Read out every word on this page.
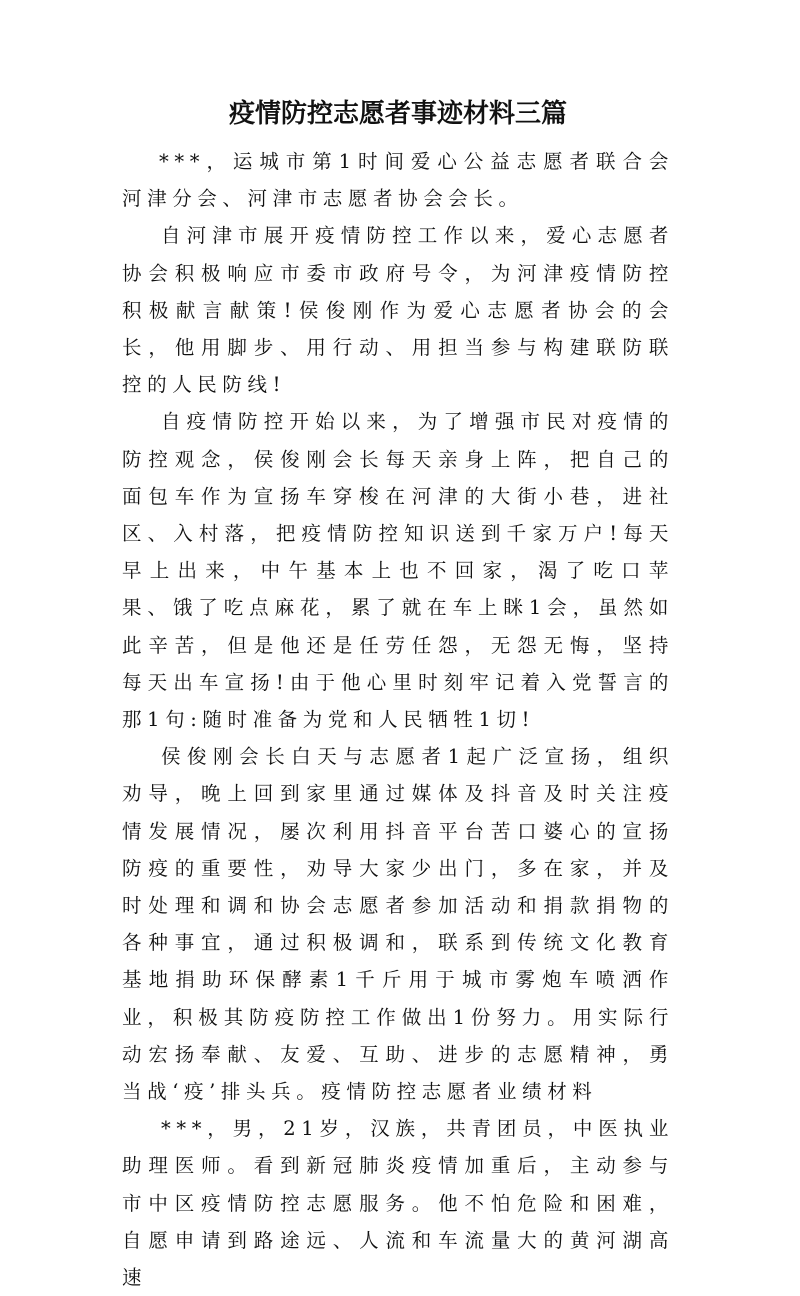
疫情防控志愿者事迹材料三篇

***，运城市第1时间爱心公益志愿者联合会河津分会、河津市志愿者协会会长。

自河津市展开疫情防控工作以来，爱心志愿者协会积极响应市委市政府号令，为河津疫情防控积极献言献策!侯俊刚作为爱心志愿者协会的会长，他用脚步、用行动、用担当参与构建联防联控的人民防线!

自疫情防控开始以来，为了增强市民对疫情的防控观念，侯俊刚会长每天亲身上阵，把自己的面包车作为宣扬车穿梭在河津的大街小巷，进社区、入村落，把疫情防控知识送到千家万户!每天早上出来，中午基本上也不回家，渴了吃口苹果、饿了吃点麻花，累了就在车上眯1会，虽然如此辛苦，但是他还是任劳任怨，无怨无悔，坚持每天出车宣扬!由于他心里时刻牢记着入党誓言的那1句:随时准备为党和人民牺牲1切!

侯俊刚会长白天与志愿者1起广泛宣扬，组织劝导，晚上回到家里通过媒体及抖音及时关注疫情发展情况，屡次利用抖音平台苦口婆心的宣扬防疫的重要性，劝导大家少出门，多在家，并及时处理和调和协会志愿者参加活动和捐款捐物的各种事宜，通过积极调和，联系到传统文化教育基地捐助环保酵素1千斤用于城市雾炮车喷洒作业，积极其防疫防控工作做出1份努力。用实际行动宏扬奉献、友爱、互助、进步的志愿精神，勇当战‘疫’排头兵。疫情防控志愿者业绩材料

***，男，21岁，汉族，共青团员，中医执业助理医师。看到新冠肺炎疫情加重后，主动参与市中区疫情防控志愿服务。他不怕危险和困难，自愿申请到路途远、人流和车流量大的黄河湖高速
